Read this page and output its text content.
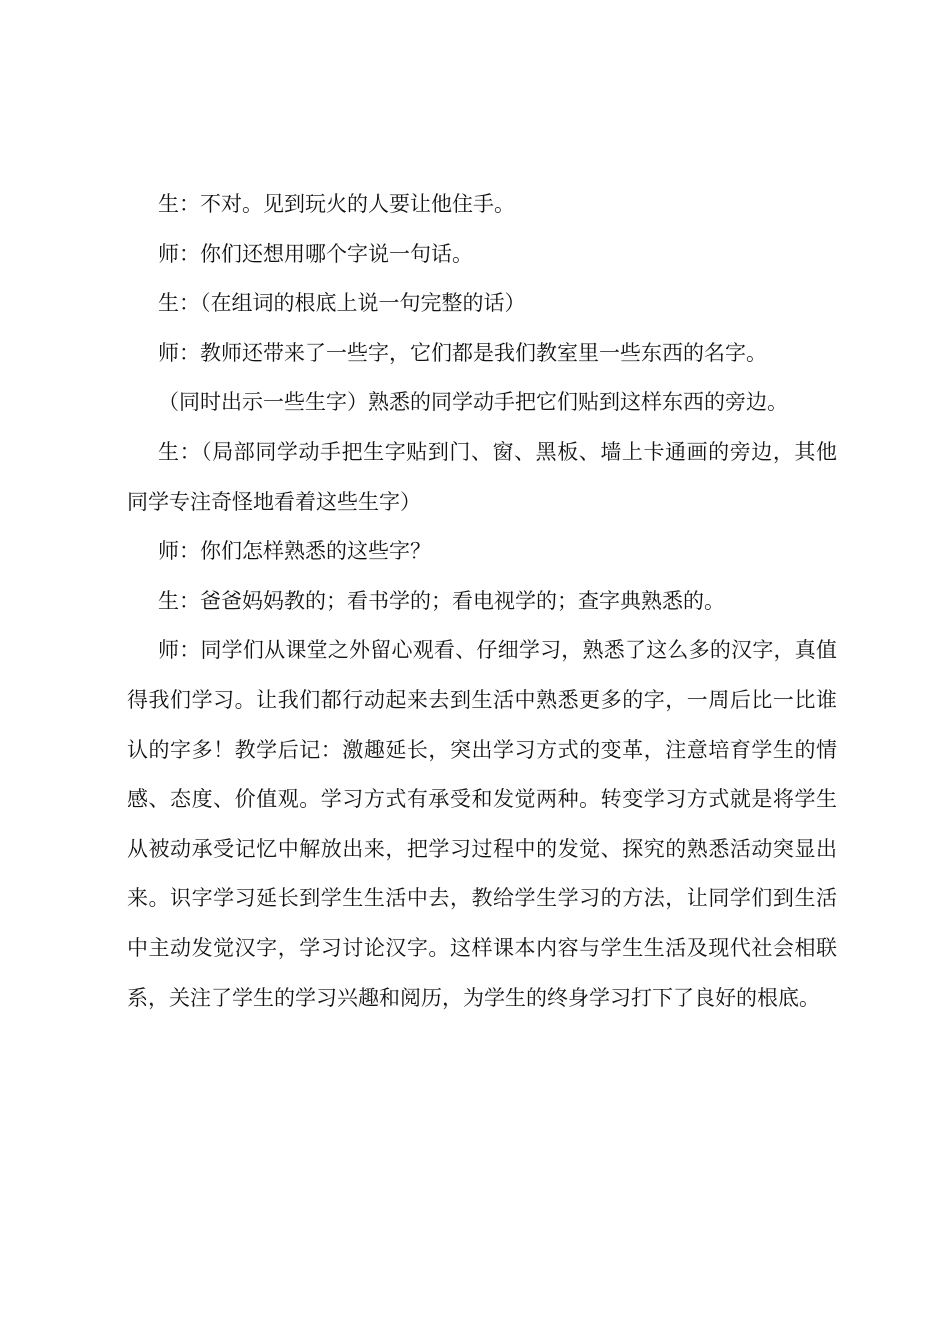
生：不对。见到玩火的人要让他住手。

师：你们还想用哪个字说一句话。

生：（在组词的根底上说一句完整的话）

师：教师还带来了一些字，它们都是我们教室里一些东西的名字。

（同时出示一些生字）熟悉的同学动手把它们贴到这样东西的旁边。

生：（局部同学动手把生字贴到门、窗、黑板、墙上卡通画的旁边，其他同学专注奇怪地看着这些生字）

师：你们怎样熟悉的这些字？

生：爸爸妈妈教的；看书学的；看电视学的；查字典熟悉的。

师：同学们从课堂之外留心观看、仔细学习，熟悉了这么多的汉字，真值得我们学习。让我们都行动起来去到生活中熟悉更多的字，一周后比一比谁认的字多！教学后记：激趣延长，突出学习方式的变革，注意培育学生的情感、态度、价值观。学习方式有承受和发觉两种。转变学习方式就是将学生从被动承受记忆中解放出来，把学习过程中的发觉、探究的熟悉活动突显出来。识字学习延长到学生生活中去，教给学生学习的方法，让同学们到生活中主动发觉汉字，学习讨论汉字。这样课本内容与学生生活及现代社会相联系，关注了学生的学习兴趣和阅历，为学生的终身学习打下了良好的根底。
